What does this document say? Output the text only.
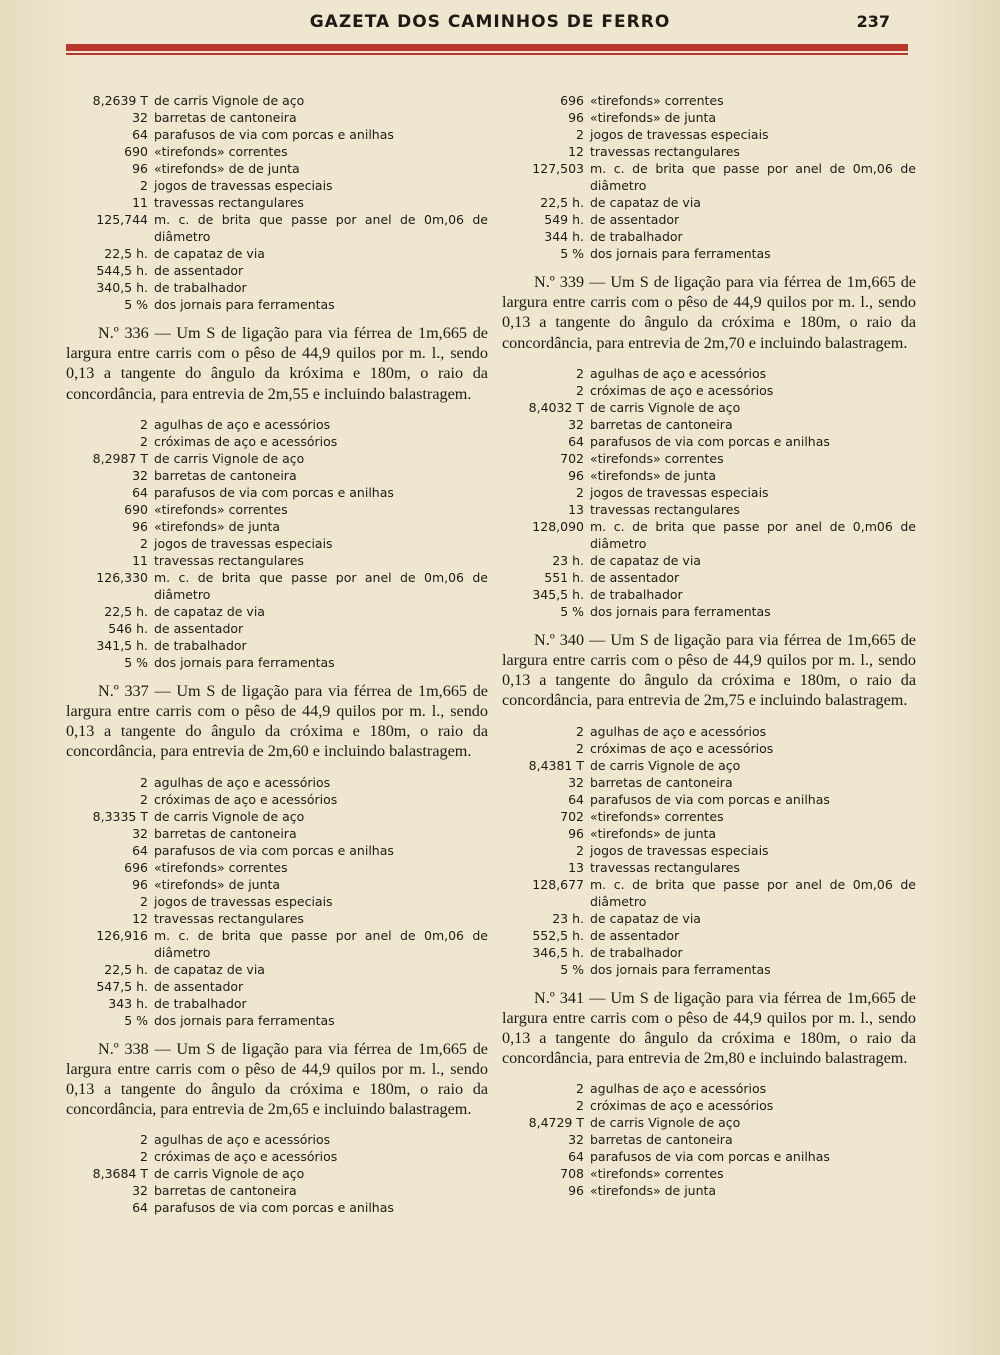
GAZETA DOS CAMINHOS DE FERRO	237
8,2639 T de carris Vignole de aço
32 barretas de cantoneira
64 parafusos de via com porcas e anilhas
690 «tirefonds» correntes
96 «tirefonds» de de junta
2 jogos de travessas especiais
11 travessas rectangulares
125,744 m. c. de brita que passe por anel de 0m,06 de diâmetro
22,5 h. de capataz de via
544,5 h. de assentador
340,5 h. de trabalhador
5 % dos jornais para ferramentas
N.º 336 — Um S de ligação para via férrea de 1m,665 de largura entre carris com o pêso de 44,9 quilos por m. l., sendo 0,13 a tangente do ângulo da króxima e 180m, o raio da concordância, para entrevia de 2m,55 e incluindo balastragem.
2 agulhas de aço e acessórios
2 cróximas de aço e acessórios
8,2987 T de carris Vignole de aço
32 barretas de cantoneira
64 parafusos de via com porcas e anilhas
690 «tirefonds» correntes
96 «tirefonds» de junta
2 jogos de travessas especiais
11 travessas rectangulares
126,330 m. c. de brita que passe por anel de 0m,06 de diâmetro
22,5 h. de capataz de via
546 h. de assentador
341,5 h. de trabalhador
5 % dos jornais para ferramentas
N.º 337 — Um S de ligação para via férrea de 1m,665 de largura entre carris com o pêso de 44,9 quilos por m. l., sendo 0,13 a tangente do ângulo da cróxima e 180m, o raio da concordância, para entrevia de 2m,60 e incluindo balastragem.
2 agulhas de aço e acessórios
2 cróximas de aço e acessórios
8,3335 T de carris Vignole de aço
32 barretas de cantoneira
64 parafusos de via com porcas e anilhas
696 «tirefonds» correntes
96 «tirefonds» de junta
2 jogos de travessas especiais
12 travessas rectangulares
126,916 m. c. de brita que passe por anel de 0m,06 de diâmetro
22,5 h. de capataz de via
547,5 h. de assentador
343 h. de trabalhador
5 % dos jornais para ferramentas
N.º 338 — Um S de ligação para via férrea de 1m,665 de largura entre carris com o pêso de 44,9 quilos por m. l., sendo 0,13 a tangente do ângulo da cróxima e 180m, o raio da concordância, para entrevia de 2m,65 e incluindo balastragem.
2 agulhas de aço e acessórios
2 cróximas de aço e acessórios
8,3684 T de carris Vignole de aço
32 barretas de cantoneira
64 parafusos de via com porcas e anilhas
696 «tirefonds» correntes
96 «tirefonds» de junta
2 jogos de travessas especiais
12 travessas rectangulares
127,503 m. c. de brita que passe por anel de 0m,06 de diâmetro
22,5 h. de capataz de via
549 h. de assentador
344 h. de trabalhador
5 % dos jornais para ferramentas
N.º 339 — Um S de ligação para via férrea de 1m,665 de largura entre carris com o pêso de 44,9 quilos por m. l., sendo 0,13 a tangente do ângulo da cróxima e 180m, o raio da concordância, para entrevia de 2m,70 e incluindo balastragem.
2 agulhas de aço e acessórios
2 cróximas de aço e acessórios
8,4032 T de carris Vignole de aço
32 barretas de cantoneira
64 parafusos de via com porcas e anilhas
702 «tirefonds» correntes
96 «tirefonds» de junta
2 jogos de travessas especiais
13 travessas rectangulares
128,090 m. c. de brita que passe por anel de 0,m06 de diâmetro
23 h. de capataz de via
551 h. de assentador
345,5 h. de trabalhador
5 % dos jornais para ferramentas
N.º 340 — Um S de ligação para via férrea de 1m,665 de largura entre carris com o pêso de 44,9 quilos por m. l., sendo 0,13 a tangente do ângulo da cróxima e 180m, o raio da concordância, para entrevia de 2m,75 e incluindo balastragem.
2 agulhas de aço e acessórios
2 cróximas de aço e acessórios
8,4381 T de carris Vignole de aço
32 barretas de cantoneira
64 parafusos de via com porcas e anilhas
702 «tirefonds» correntes
96 «tirefonds» de junta
2 jogos de travessas especiais
13 travessas rectangulares
128,677 m. c. de brita que passe por anel de 0m,06 de diâmetro
23 h. de capataz de via
552,5 h. de assentador
346,5 h. de trabalhador
5 % dos jornais para ferramentas
N.º 341 — Um S de ligação para via férrea de 1m,665 de largura entre carris com o pêso de 44,9 quilos por m. l., sendo 0,13 a tangente do ângulo da cróxima e 180m, o raio da concordância, para entrevia de 2m,80 e incluindo balastragem.
2 agulhas de aço e acessórios
2 cróximas de aço e acessórios
8,4729 T de carris Vignole de aço
32 barretas de cantoneira
64 parafusos de via com porcas e anilhas
708 «tirefonds» correntes
96 «tirefonds» de junta
